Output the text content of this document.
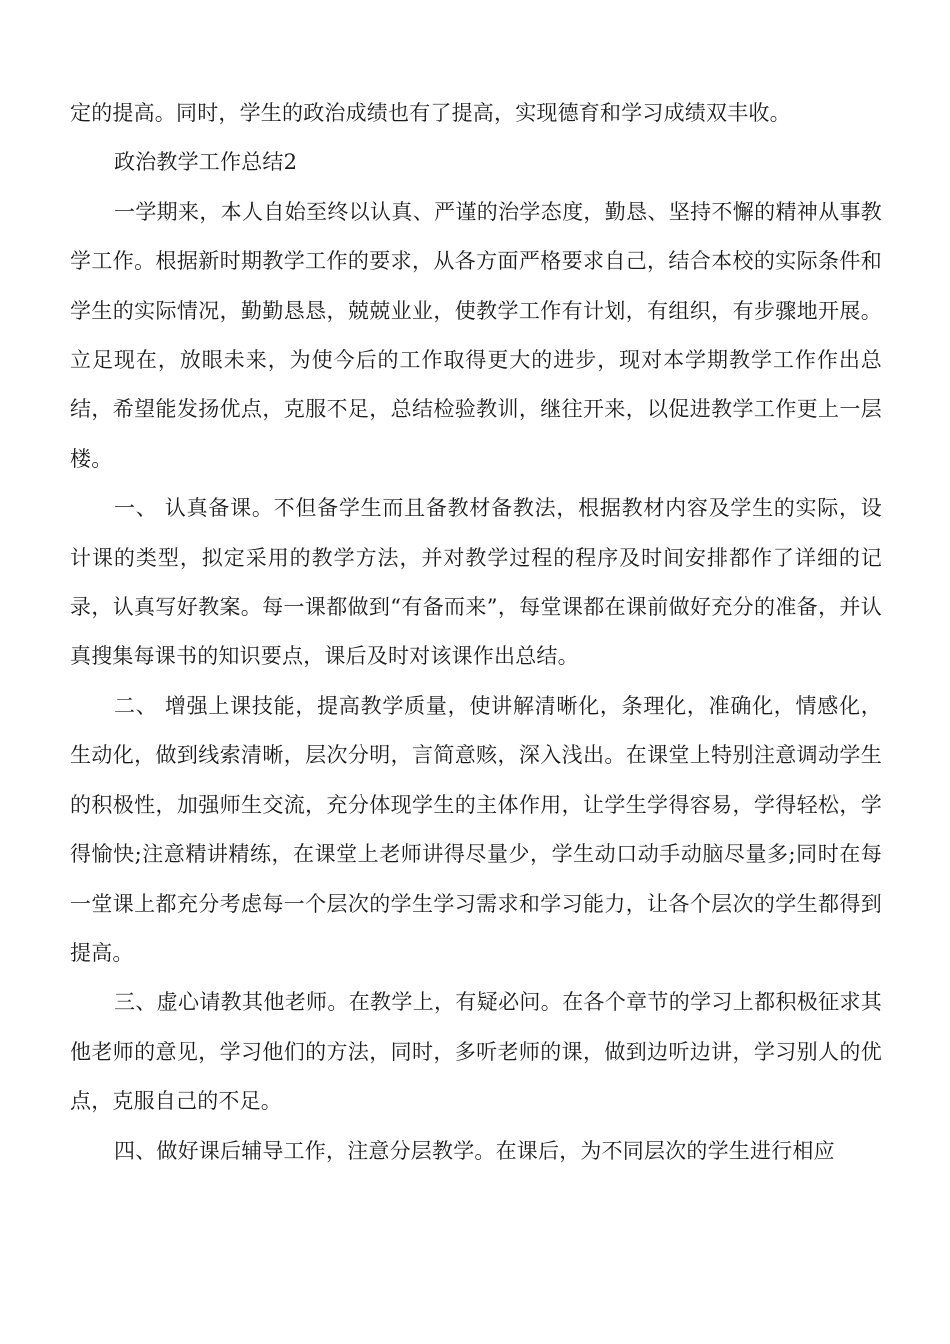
定的提高。同时，学生的政治成绩也有了提高，实现德育和学习成绩双丰收。

政治教学工作总结2

一学期来，本人自始至终以认真、严谨的治学态度，勤恳、坚持不懈的精神从事教学工作。根据新时期教学工作的要求，从各方面严格要求自己，结合本校的实际条件和学生的实际情况，勤勤恳恳，兢兢业业，使教学工作有计划，有组织，有步骤地开展。立足现在，放眼未来，为使今后的工作取得更大的进步，现对本学期教学工作作出总结，希望能发扬优点，克服不足，总结检验教训，继往开来，以促进教学工作更上一层楼。

一、 认真备课。不但备学生而且备教材备教法，根据教材内容及学生的实际，设计课的类型，拟定采用的教学方法，并对教学过程的程序及时间安排都作了详细的记录，认真写好教案。每一课都做到“有备而来”，每堂课都在课前做好充分的准备，并认真搜集每课书的知识要点，课后及时对该课作出总结。

二、 增强上课技能，提高教学质量，使讲解清晰化，条理化，准确化，情感化，生动化，做到线索清晰，层次分明，言简意赅，深入浅出。在课堂上特别注意调动学生的积极性，加强师生交流，充分体现学生的主体作用，让学生学得容易，学得轻松，学得愉快;注意精讲精练，在课堂上老师讲得尽量少，学生动口动手动脑尽量多;同时在每一堂课上都充分考虑每一个层次的学生学习需求和学习能力，让各个层次的学生都得到提高。

三、虚心请教其他老师。在教学上，有疑必问。在各个章节的学习上都积极征求其他老师的意见，学习他们的方法，同时，多听老师的课，做到边听边讲，学习别人的优点，克服自己的不足。

四、做好课后辅导工作，注意分层教学。在课后，为不同层次的学生进行相应
